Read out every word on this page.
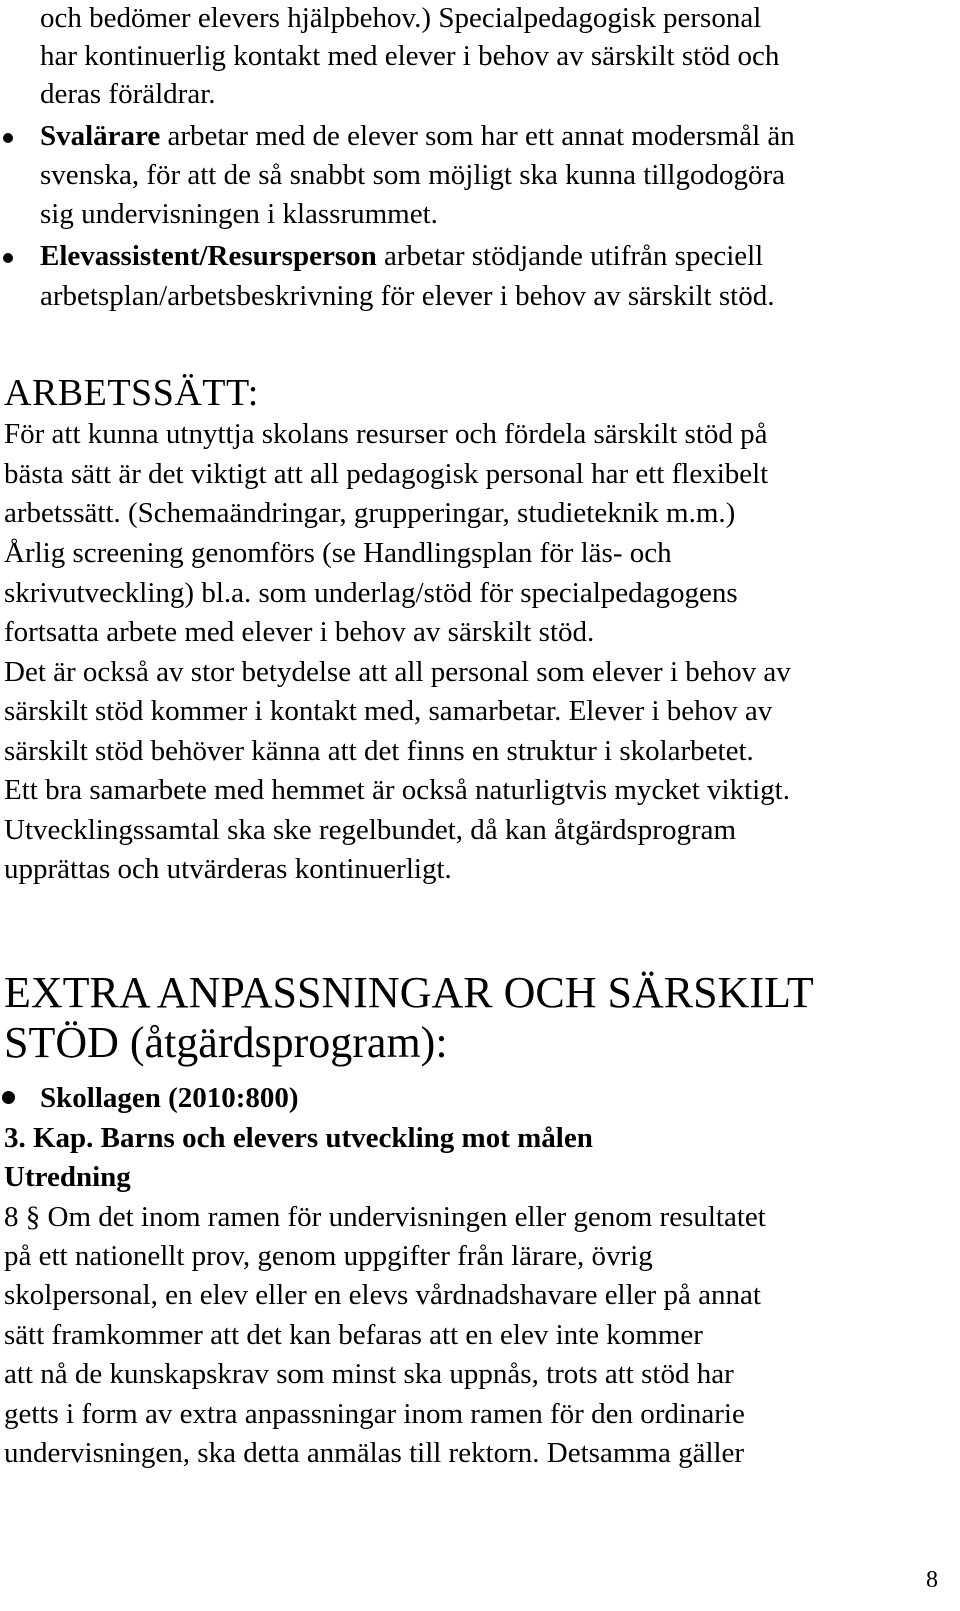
och bedömer elevers hjälpbehov.) Specialpedagogisk personal
har kontinuerlig kontakt med elever i behov av särskilt stöd och
deras föräldrar.
Svalärare arbetar med de elever som har ett annat modersmål än
svenska, för att de så snabbt som möjligt ska kunna tillgodogöra
sig undervisningen i klassrummet.
Elevassistent/Resursperson arbetar stödjande utifrån speciell
arbetsplan/arbetsbeskrivning för elever i behov av särskilt stöd.
ARBETSSÄTT:
För att kunna utnyttja skolans resurser och fördela särskilt stöd på
bästa sätt är det viktigt att all pedagogisk personal har ett flexibelt
arbetssätt. (Schemaändringar, grupperingar, studieteknik m.m.)
Årlig screening genomförs (se Handlingsplan för läs- och
skrivutveckling) bl.a. som underlag/stöd för specialpedagogens
fortsatta arbete med elever i behov av särskilt stöd.
Det är också av stor betydelse att all personal som elever i behov av
särskilt stöd kommer i kontakt med, samarbetar. Elever i behov av
särskilt stöd behöver känna att det finns en struktur i skolarbetet.
Ett bra samarbete med hemmet är också naturligtvis mycket viktigt.
Utvecklingssamtal ska ske regelbundet, då kan åtgärdsprogram
upprättas och utvärderas kontinuerligt.
EXTRA ANPASSNINGAR OCH SÄRSKILT
STÖD (åtgärdsprogram):
Skollagen (2010:800)
3. Kap. Barns och elevers utveckling mot målen
Utredning
8 § Om det inom ramen för undervisningen eller genom resultatet
på ett nationellt prov, genom uppgifter från lärare, övrig
skolpersonal, en elev eller en elevs vårdnadshavare eller på annat
sätt framkommer att det kan befaras att en elev inte kommer
att nå de kunskapskrav som minst ska uppnås, trots att stöd har
getts i form av extra anpassningar inom ramen för den ordinarie
undervisningen, ska detta anmälas till rektorn. Detsamma gäller
8
